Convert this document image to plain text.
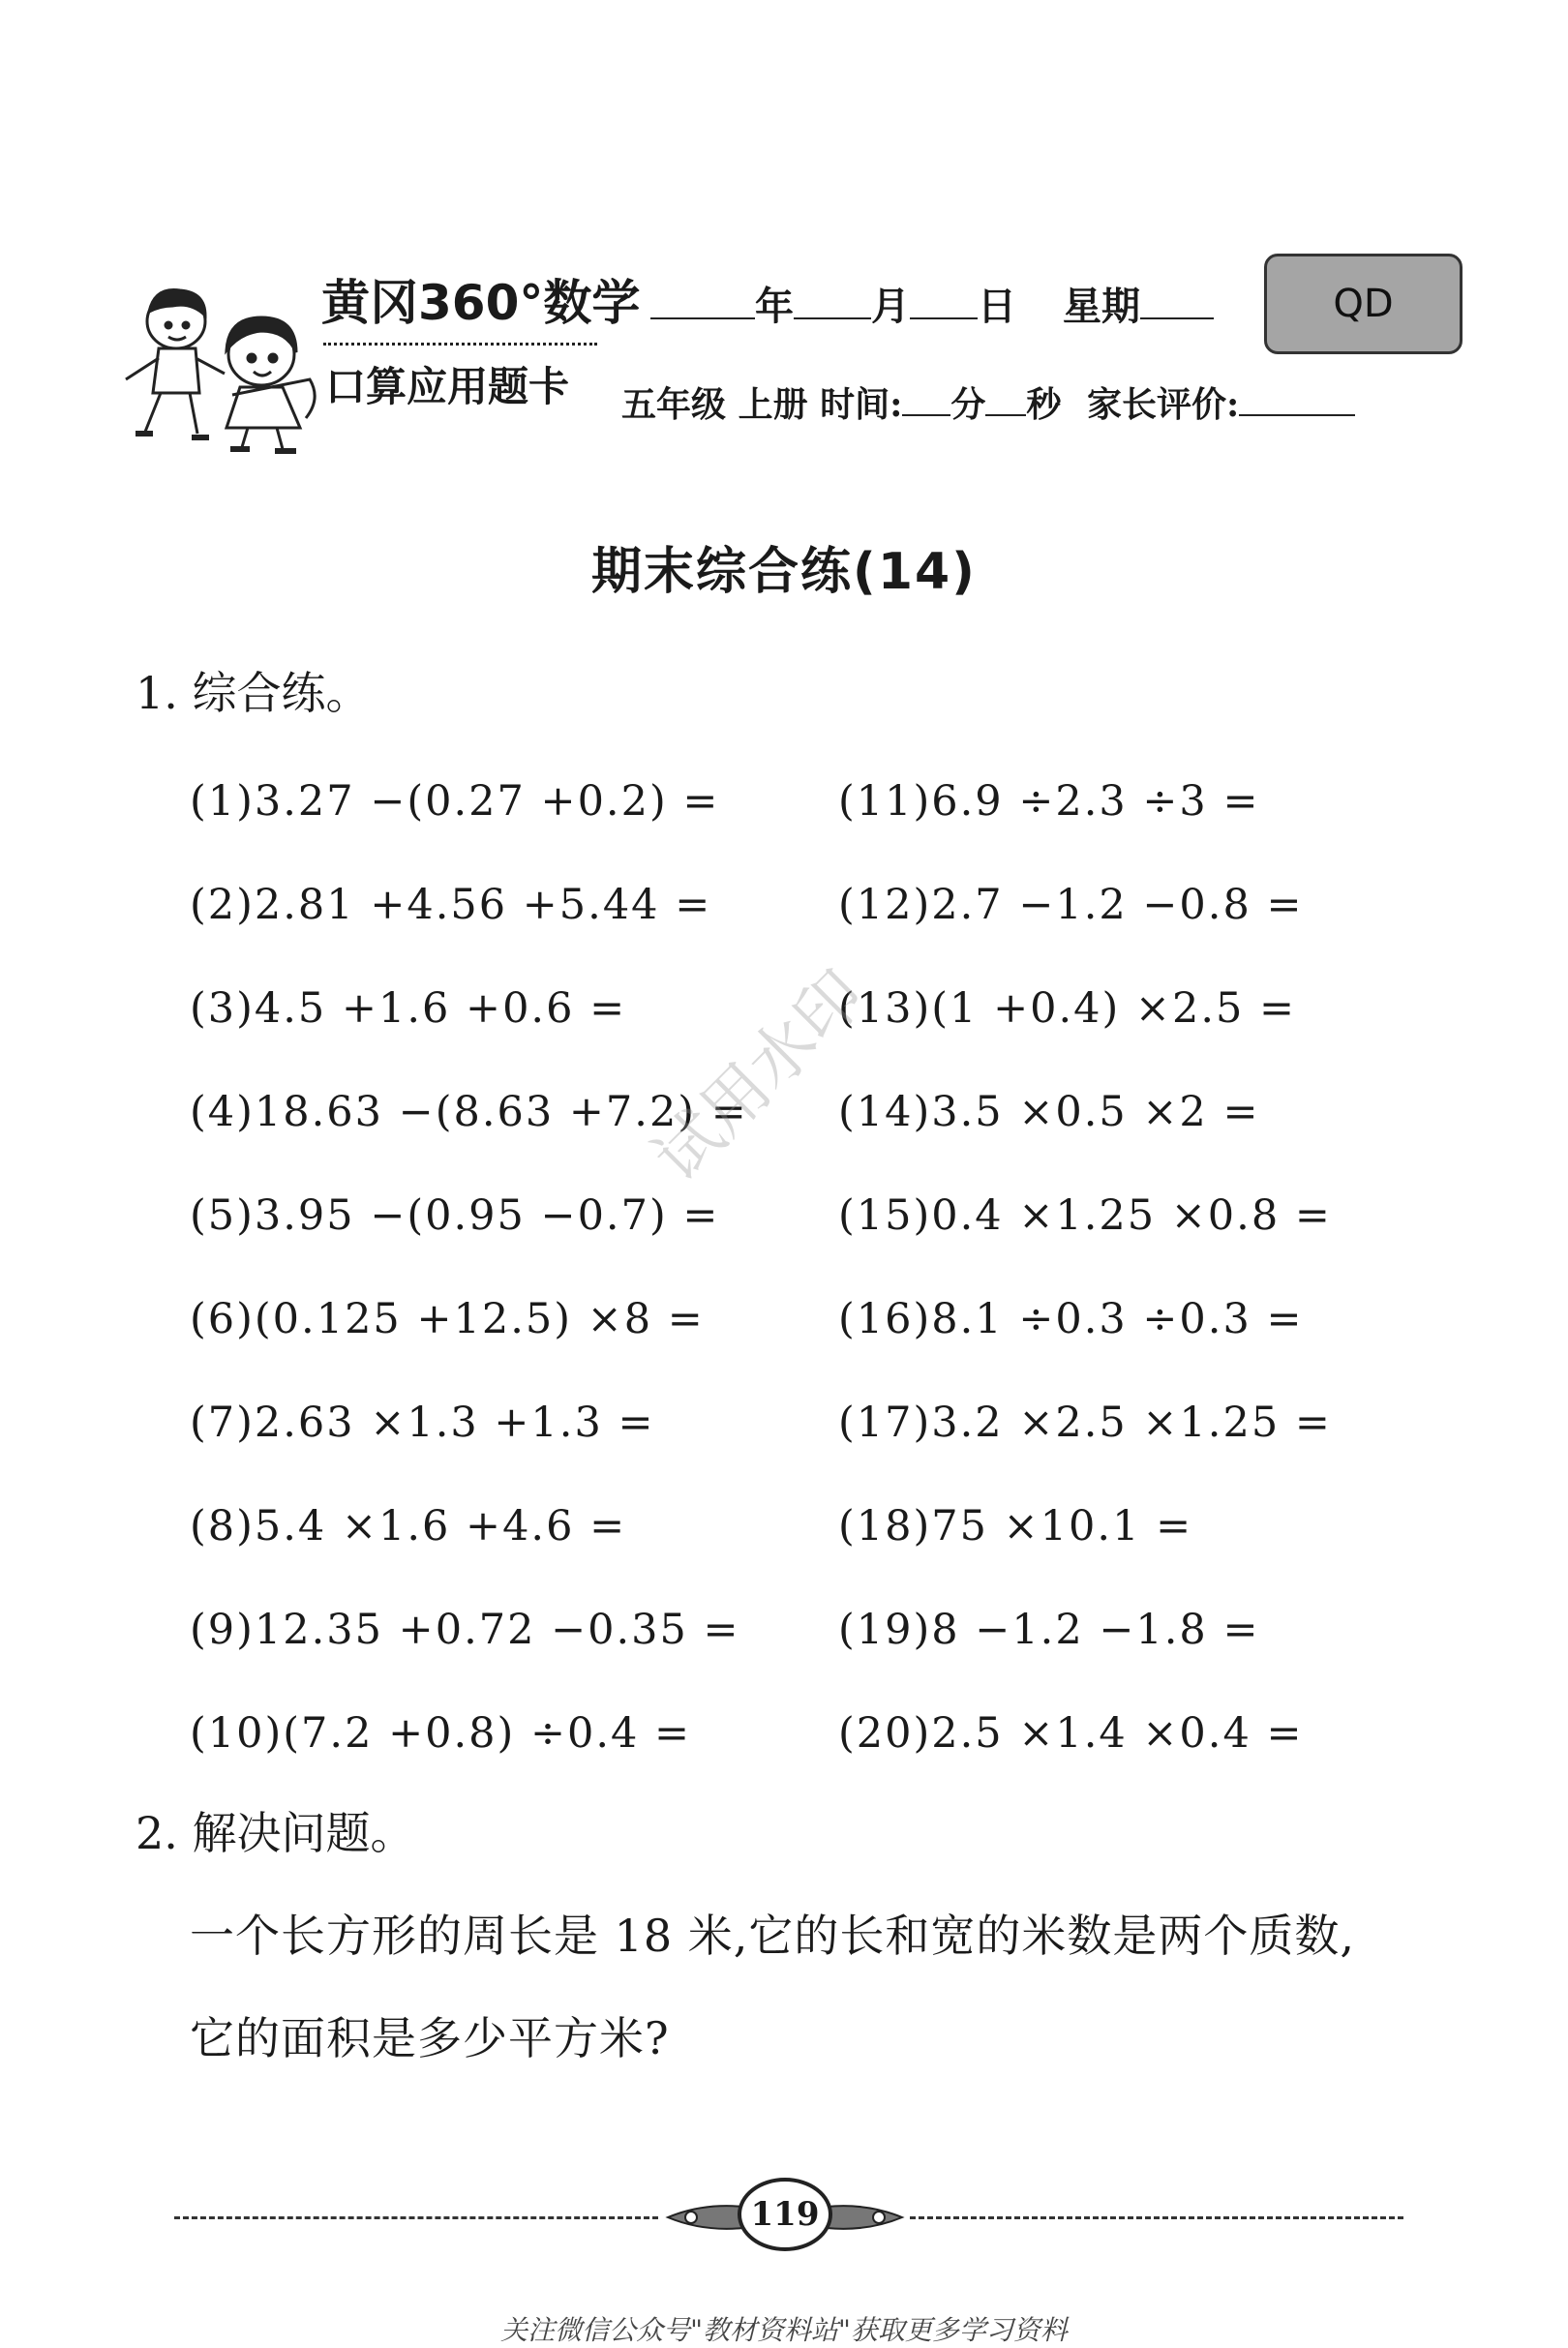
黄冈360°数学
口算应用题卡
年 月 日 星期	QD
五年级 上册 时间: 分 秒 家长评价:
期末综合练(14)
1. 综合练。
(1)3.27 −(0.27 +0.2) =
(2)2.81 +4.56 +5.44 =
(3)4.5 +1.6 +0.6 =
(4)18.63 −(8.63 +7.2) =
(5)3.95 −(0.95 −0.7) =
(6)(0.125 +12.5) ×8 =
(7)2.63 ×1.3 +1.3 =
(8)5.4 ×1.6 +4.6 =
(9)12.35 +0.72 −0.35 =
(10)(7.2 +0.8) ÷0.4 =
(11)6.9 ÷2.3 ÷3 =
(12)2.7 −1.2 −0.8 =
(13)(1 +0.4) ×2.5 =
(14)3.5 ×0.5 ×2 =
(15)0.4 ×1.25 ×0.8 =
(16)8.1 ÷0.3 ÷0.3 =
(17)3.2 ×2.5 ×1.25 =
(18)75 ×10.1 =
(19)8 −1.2 −1.8 =
(20)2.5 ×1.4 ×0.4 =
2. 解决问题。
一个长方形的周长是 18 米,它的长和宽的米数是两个质数,
它的面积是多少平方米?
试用水印
119
关注微信公众号"教材资料站"获取更多学习资料
